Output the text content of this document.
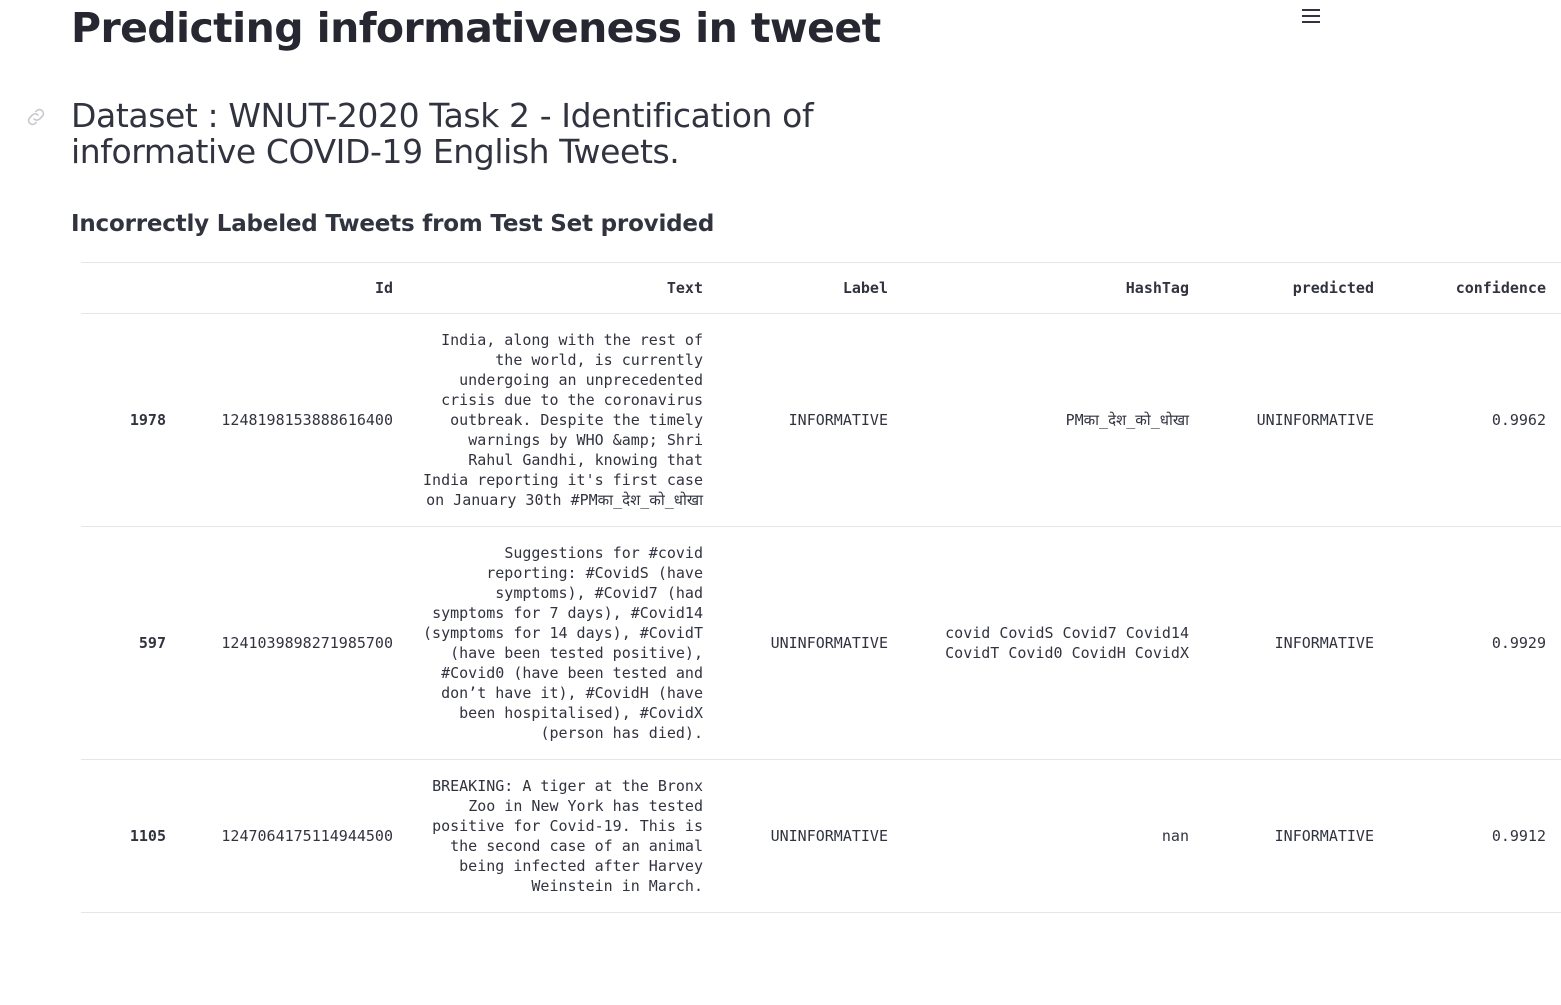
Predicting informativeness in tweet
Dataset : WNUT-2020 Task 2 - Identification of informative COVID-19 English Tweets.
Incorrectly Labeled Tweets from Test Set provided
	Id	Text	Label	HashTag	predicted	confidence
1978	1248198153888616400	India, along with the rest of the world, is currently undergoing an unprecedented crisis due to the coronavirus outbreak. Despite the timely warnings by WHO &amp; Shri Rahul Gandhi, knowing that India reporting it's first case on January 30th #PMका_देश_को_धोखा	INFORMATIVE	PMका_देश_को_धोखा	UNINFORMATIVE	0.9962
597	1241039898271985700	Suggestions for #covid reporting: #CovidS (have symptoms), #Covid7 (had symptoms for 7 days), #Covid14 (symptoms for 14 days), #CovidT (have been tested positive), #Covid0 (have been tested and don’t have it), #CovidH (have been hospitalised), #CovidX (person has died).	UNINFORMATIVE	covid CovidS Covid7 Covid14 CovidT Covid0 CovidH CovidX	INFORMATIVE	0.9929
1105	1247064175114944500	BREAKING: A tiger at the Bronx Zoo in New York has tested positive for Covid-19. This is the second case of an animal being infected after Harvey Weinstein in March.	UNINFORMATIVE	nan	INFORMATIVE	0.9912
